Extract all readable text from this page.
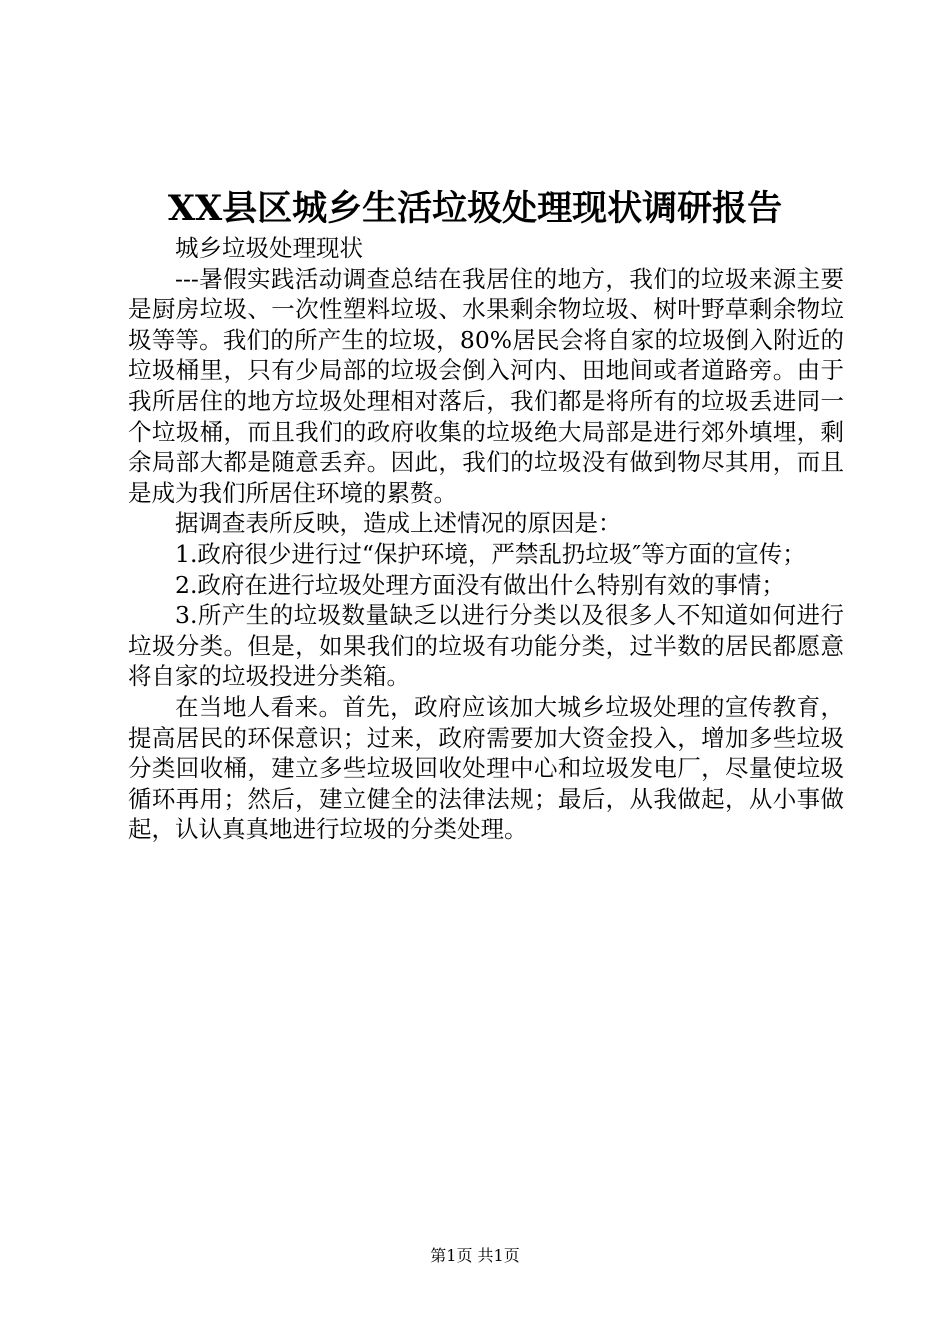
XX县区城乡生活垃圾处理现状调研报告

城乡垃圾处理现状

---暑假实践活动调查总结在我居住的地方，我们的垃圾来源主要是厨房垃圾、一次性塑料垃圾、水果剩余物垃圾、树叶野草剩余物垃圾等等。我们的所产生的垃圾，80%居民会将自家的垃圾倒入附近的垃圾桶里，只有少局部的垃圾会倒入河内、田地间或者道路旁。由于我所居住的地方垃圾处理相对落后，我们都是将所有的垃圾丢进同一个垃圾桶，而且我们的政府收集的垃圾绝大局部是进行郊外填埋，剩余局部大都是随意丢弃。因此，我们的垃圾没有做到物尽其用，而且是成为我们所居住环境的累赘。

据调查表所反映，造成上述情况的原因是：

1.政府很少进行过“保护环境，严禁乱扔垃圾″等方面的宣传；

2.政府在进行垃圾处理方面没有做出什么特别有效的事情；

3.所产生的垃圾数量缺乏以进行分类以及很多人不知道如何进行垃圾分类。但是，如果我们的垃圾有功能分类，过半数的居民都愿意将自家的垃圾投进分类箱。

在当地人看来。首先，政府应该加大城乡垃圾处理的宣传教育，提高居民的环保意识；过来，政府需要加大资金投入，增加多些垃圾分类回收桶，建立多些垃圾回收处理中心和垃圾发电厂，尽量使垃圾循环再用；然后，建立健全的法律法规；最后，从我做起，从小事做起，认认真真地进行垃圾的分类处理。

第1页 共1页
